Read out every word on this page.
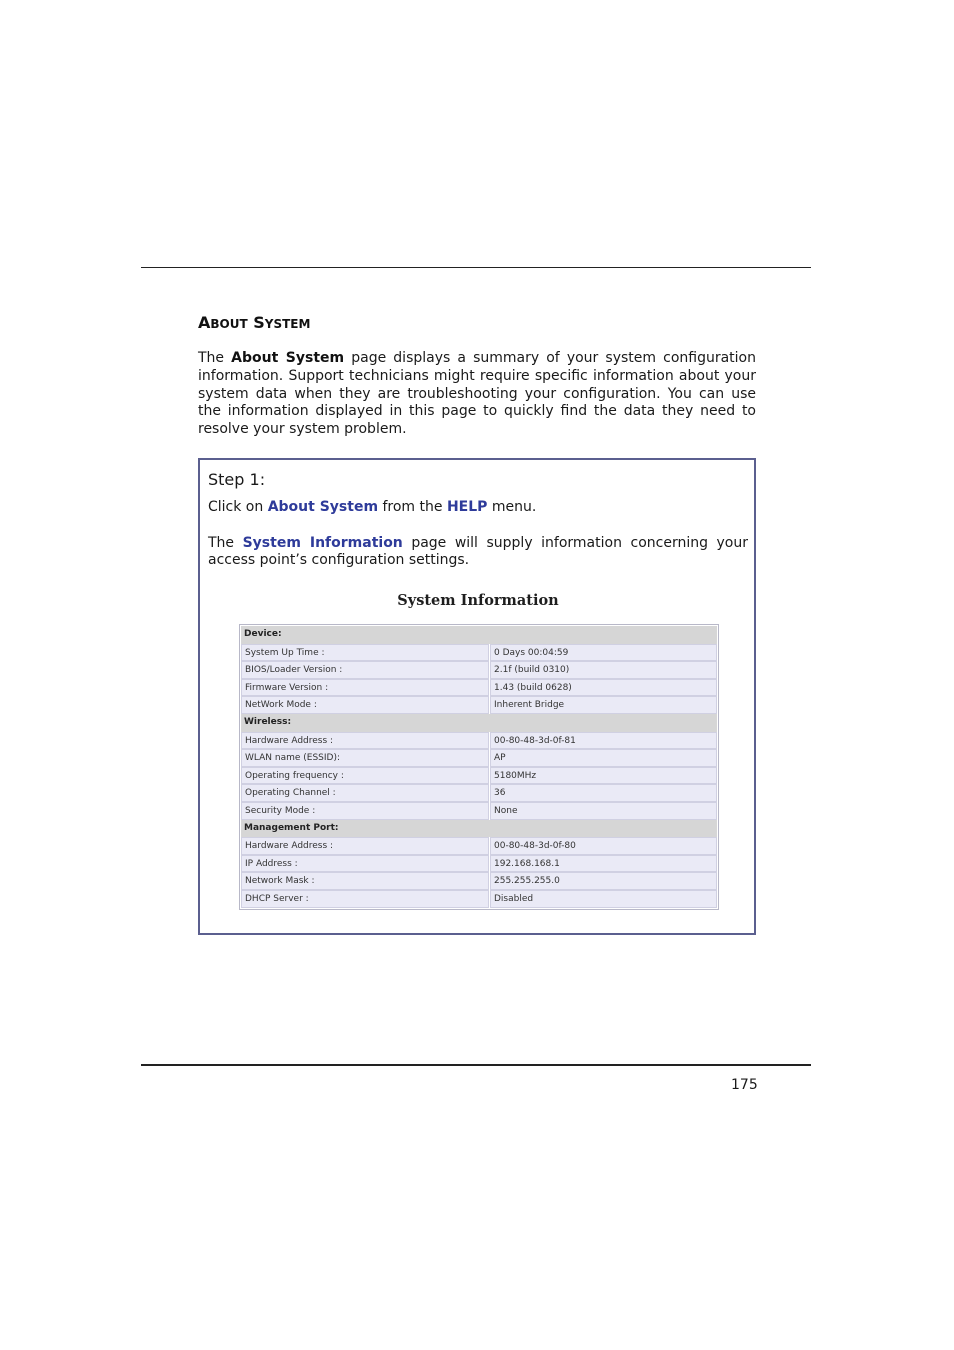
ABOUT SYSTEM
The About System page displays a summary of your system configuration information. Support technicians might require specific information about your system data when they are troubleshooting your configuration. You can use the information displayed in this page to quickly find the data they need to resolve your system problem.
Step 1:
Click on About System from the HELP menu.
The System Information page will supply information concerning your access point’s configuration settings.
System Information
Device:
System Up Time :	0 Days 00:04:59
BIOS/Loader Version :	2.1f (build 0310)
Firmware Version :	1.43 (build 0628)
NetWork Mode :	Inherent Bridge
Wireless:
Hardware Address :	00-80-48-3d-0f-81
WLAN name (ESSID):	AP
Operating frequency :	5180MHz
Operating Channel :	36
Security Mode :	None
Management Port:
Hardware Address :	00-80-48-3d-0f-80
IP Address :	192.168.168.1
Network Mask :	255.255.255.0
DHCP Server :	Disabled
175
